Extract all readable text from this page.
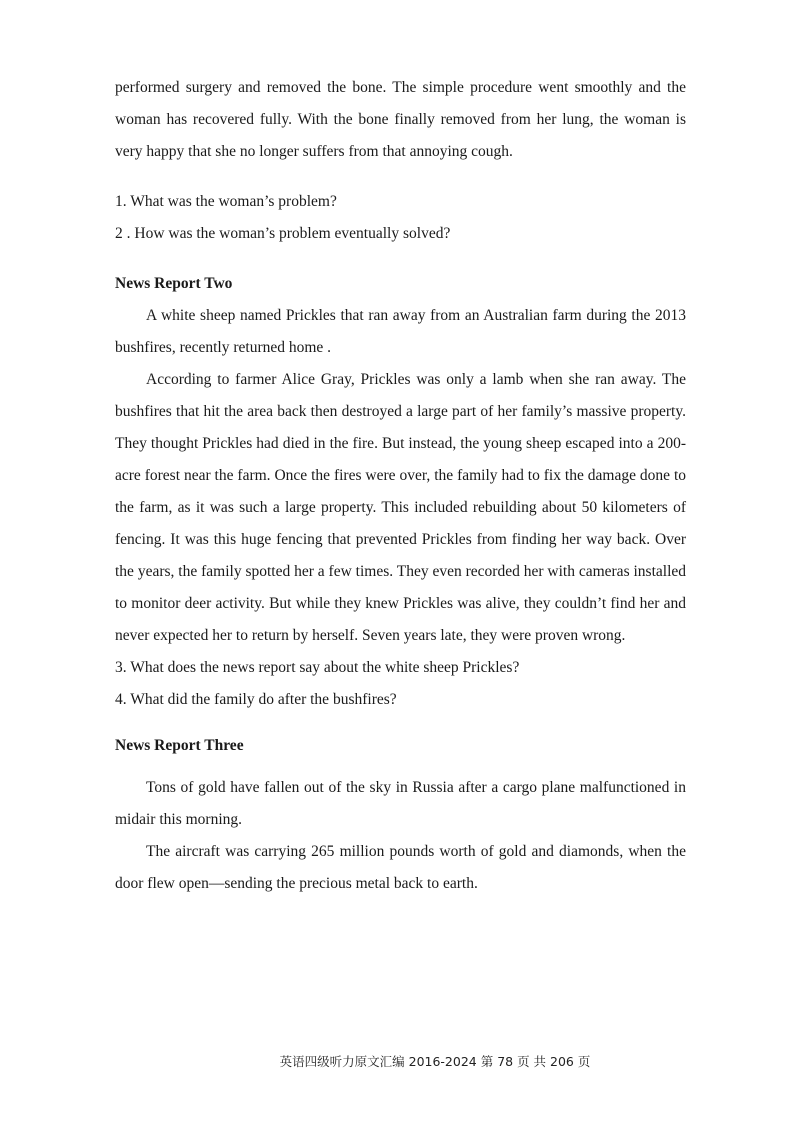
performed surgery and removed the bone. The simple procedure went smoothly and the woman has recovered fully. With the bone finally removed from her lung, the woman is very happy that she no longer suffers from that annoying cough.

1. What was the woman’s problem?

2 . How was the woman’s problem eventually solved?

News Report Two

A white sheep named Prickles that ran away from an Australian farm during the 2013 bushfires, recently returned home .

According to farmer Alice Gray, Prickles was only a lamb when she ran away. The bushfires that hit the area back then destroyed a large part of her family’s massive property. They thought Prickles had died in the fire. But instead, the young sheep escaped into a 200-acre forest near the farm. Once the fires were over, the family had to fix the damage done to the farm, as it was such a large property. This included rebuilding about 50 kilometers of fencing. It was this huge fencing that prevented Prickles from finding her way back. Over the years, the family spotted her a few times. They even recorded her with cameras installed to monitor deer activity. But while they knew Prickles was alive, they couldn’t find her and never expected her to return by herself. Seven years late, they were proven wrong.

3. What does the news report say about the white sheep Prickles?

4. What did the family do after the bushfires?

News Report Three

Tons of gold have fallen out of the sky in Russia after a cargo plane malfunctioned in midair this morning.

The aircraft was carrying 265 million pounds worth of gold and diamonds, when the door flew open—sending the precious metal back to earth.

英语四级听力原文汇编 2016-2024 第 78 页 共 206 页
